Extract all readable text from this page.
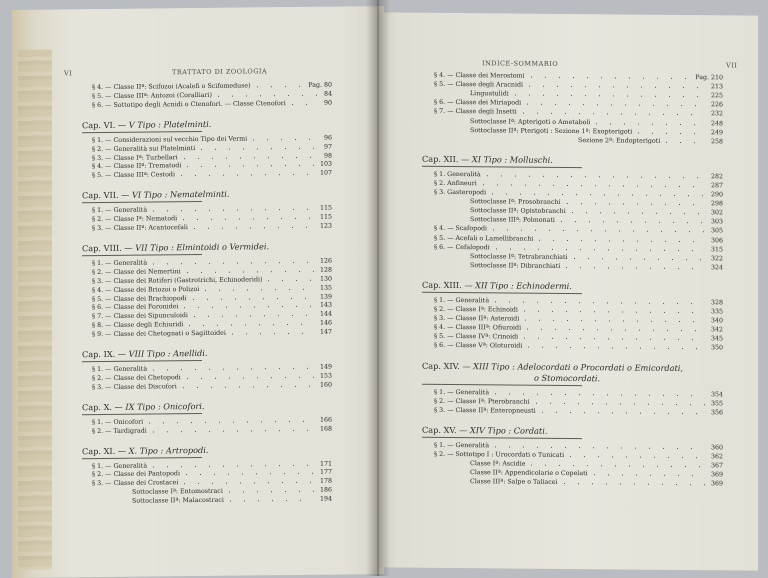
VI	TRATTATO DI ZOOLOGIA
§ 4. — Classe IIª: Scifozoi (Acalefi o Scifomeduse)	Pag. 80
§ 5. — Classe IIIª: Antozoi (Coralliari)	84
§ 6. — Sottotipo degli Acnidi o Ctenofori. — Classe Ctenofori	90
Cap. VI. — V Tipo : Platelminti.
§ 1. — Considerazioni sul vecchio Tipo dei Vermi	96
§ 2. — Generalità sui Platelminti	97
§ 3. — Classe Iª: Turbellari	98
§ 4. — Classe IIª: Trematodi	103
§ 5. — Classe IIIª: Cestodi	107
Cap. VII. — VI Tipo : Nematelminti.
§ 1. — Generalità	115
§ 2. — Classe Iª: Nematodi	115
§ 3. — Classe IIª: Acantocefali	123
Cap. VIII. — VII Tipo : Elmintoidi o Vermidei.
§ 1. — Generalità	126
§ 2. — Classe dei Nemertini	128
§ 3. — Classe dei Rotiferi (Gastrotrichi, Echinoderidi)	130
§ 4. — Classe dei Briozoi o Polizoi	135
§ 5. — Classe dei Brachiopodi	139
§ 6. — Classe dei Foronidei	143
§ 7. — Classe dei Sipunculoidi	144
§ 8. — Classe degli Echiuridi	146
§ 9. — Classe dei Chetognati o Sagittoidei	147
Cap. IX. — VIII Tipo : Anellidi.
§ 1. — Generalità	149
§ 2. — Classe dei Chetopodi	153
§ 3. — Classe dei Discofori	160
Cap. X. — IX Tipo : Onicofori.
§ 1. — Onicofori	166
§ 2. — Tardigradi	168
Cap. XI. — X. Tipo : Artropodi.
§ 1. — Generalità	171
§ 2. — Classe dei Pantopodi	177
§ 3. — Classe dei Crostacei	178
Sottoclasse Iª: Entomostraci	186
Sottoclasse IIª: Malacostraci	194
INDICE-SOMMARIO	VII
§ 4. — Classe dei Merostomi	Pag. 210
§ 5. — Classe degli Aracnidi	213
Linguatulidi	225
§ 6. — Classe dei Miriapodi	226
§ 7. — Classe degli Insetti	232
Sottoclasse Iª: Apterigoti o Ametaboli	248
Sottoclasse IIª: Pterigoti : Sezione 1ª: Exopterigoti	249
Sezione 2ª: Endopterigoti	258
Cap. XII. — XI Tipo : Molluschi.
§ 1. Generalità	282
§ 2. Anfineuri	287
§ 3. Gasteropodi	290
Sottoclasse Iª: Prosobranchi	298
Sottoclasse IIª: Opistobranchi	302
Sottoclasse IIIª: Polmonati	303
§ 4. — Scafopodi	305
§ 5. — Acefali o Lamellibranchi	306
§ 6. — Cefalopodi	315
Sottoclasse Iª: Tetrabranchiati	322
Sottoclasse IIª: Dibranchiati	324
Cap. XIII. — XII Tipo : Echinodermi.
§ 1. — Generalità	328
§ 2. — Classe Iª: Echinoidi	335
§ 3. — Classe IIª: Asteroidi	340
§ 4. — Classe IIIª: Ofiuroidi	342
§ 5. — Classe IVª: Crinoidi	345
§ 6. — Classe Vª: Oloturoidi	350
Cap. XIV. — XIII Tipo : Adelocordati o Procordati o Emicordati,
o Stomocordati.
§ 1. — Generalità	354
§ 2. — Classe Iª: Pterobranchi	355
§ 3. — Classe IIª: Enteropneusti	356
Cap. XV. — XIV Tipo : Cordati.
§ 1. — Generalità	360
§ 2. — Sottotipo I : Urocordati o Tunicati	362
Classe Iª: Ascidie	367
Classe IIª: Appendicolarie o Copelati	369
Classe IIIª: Salpe o Taliacei	369
